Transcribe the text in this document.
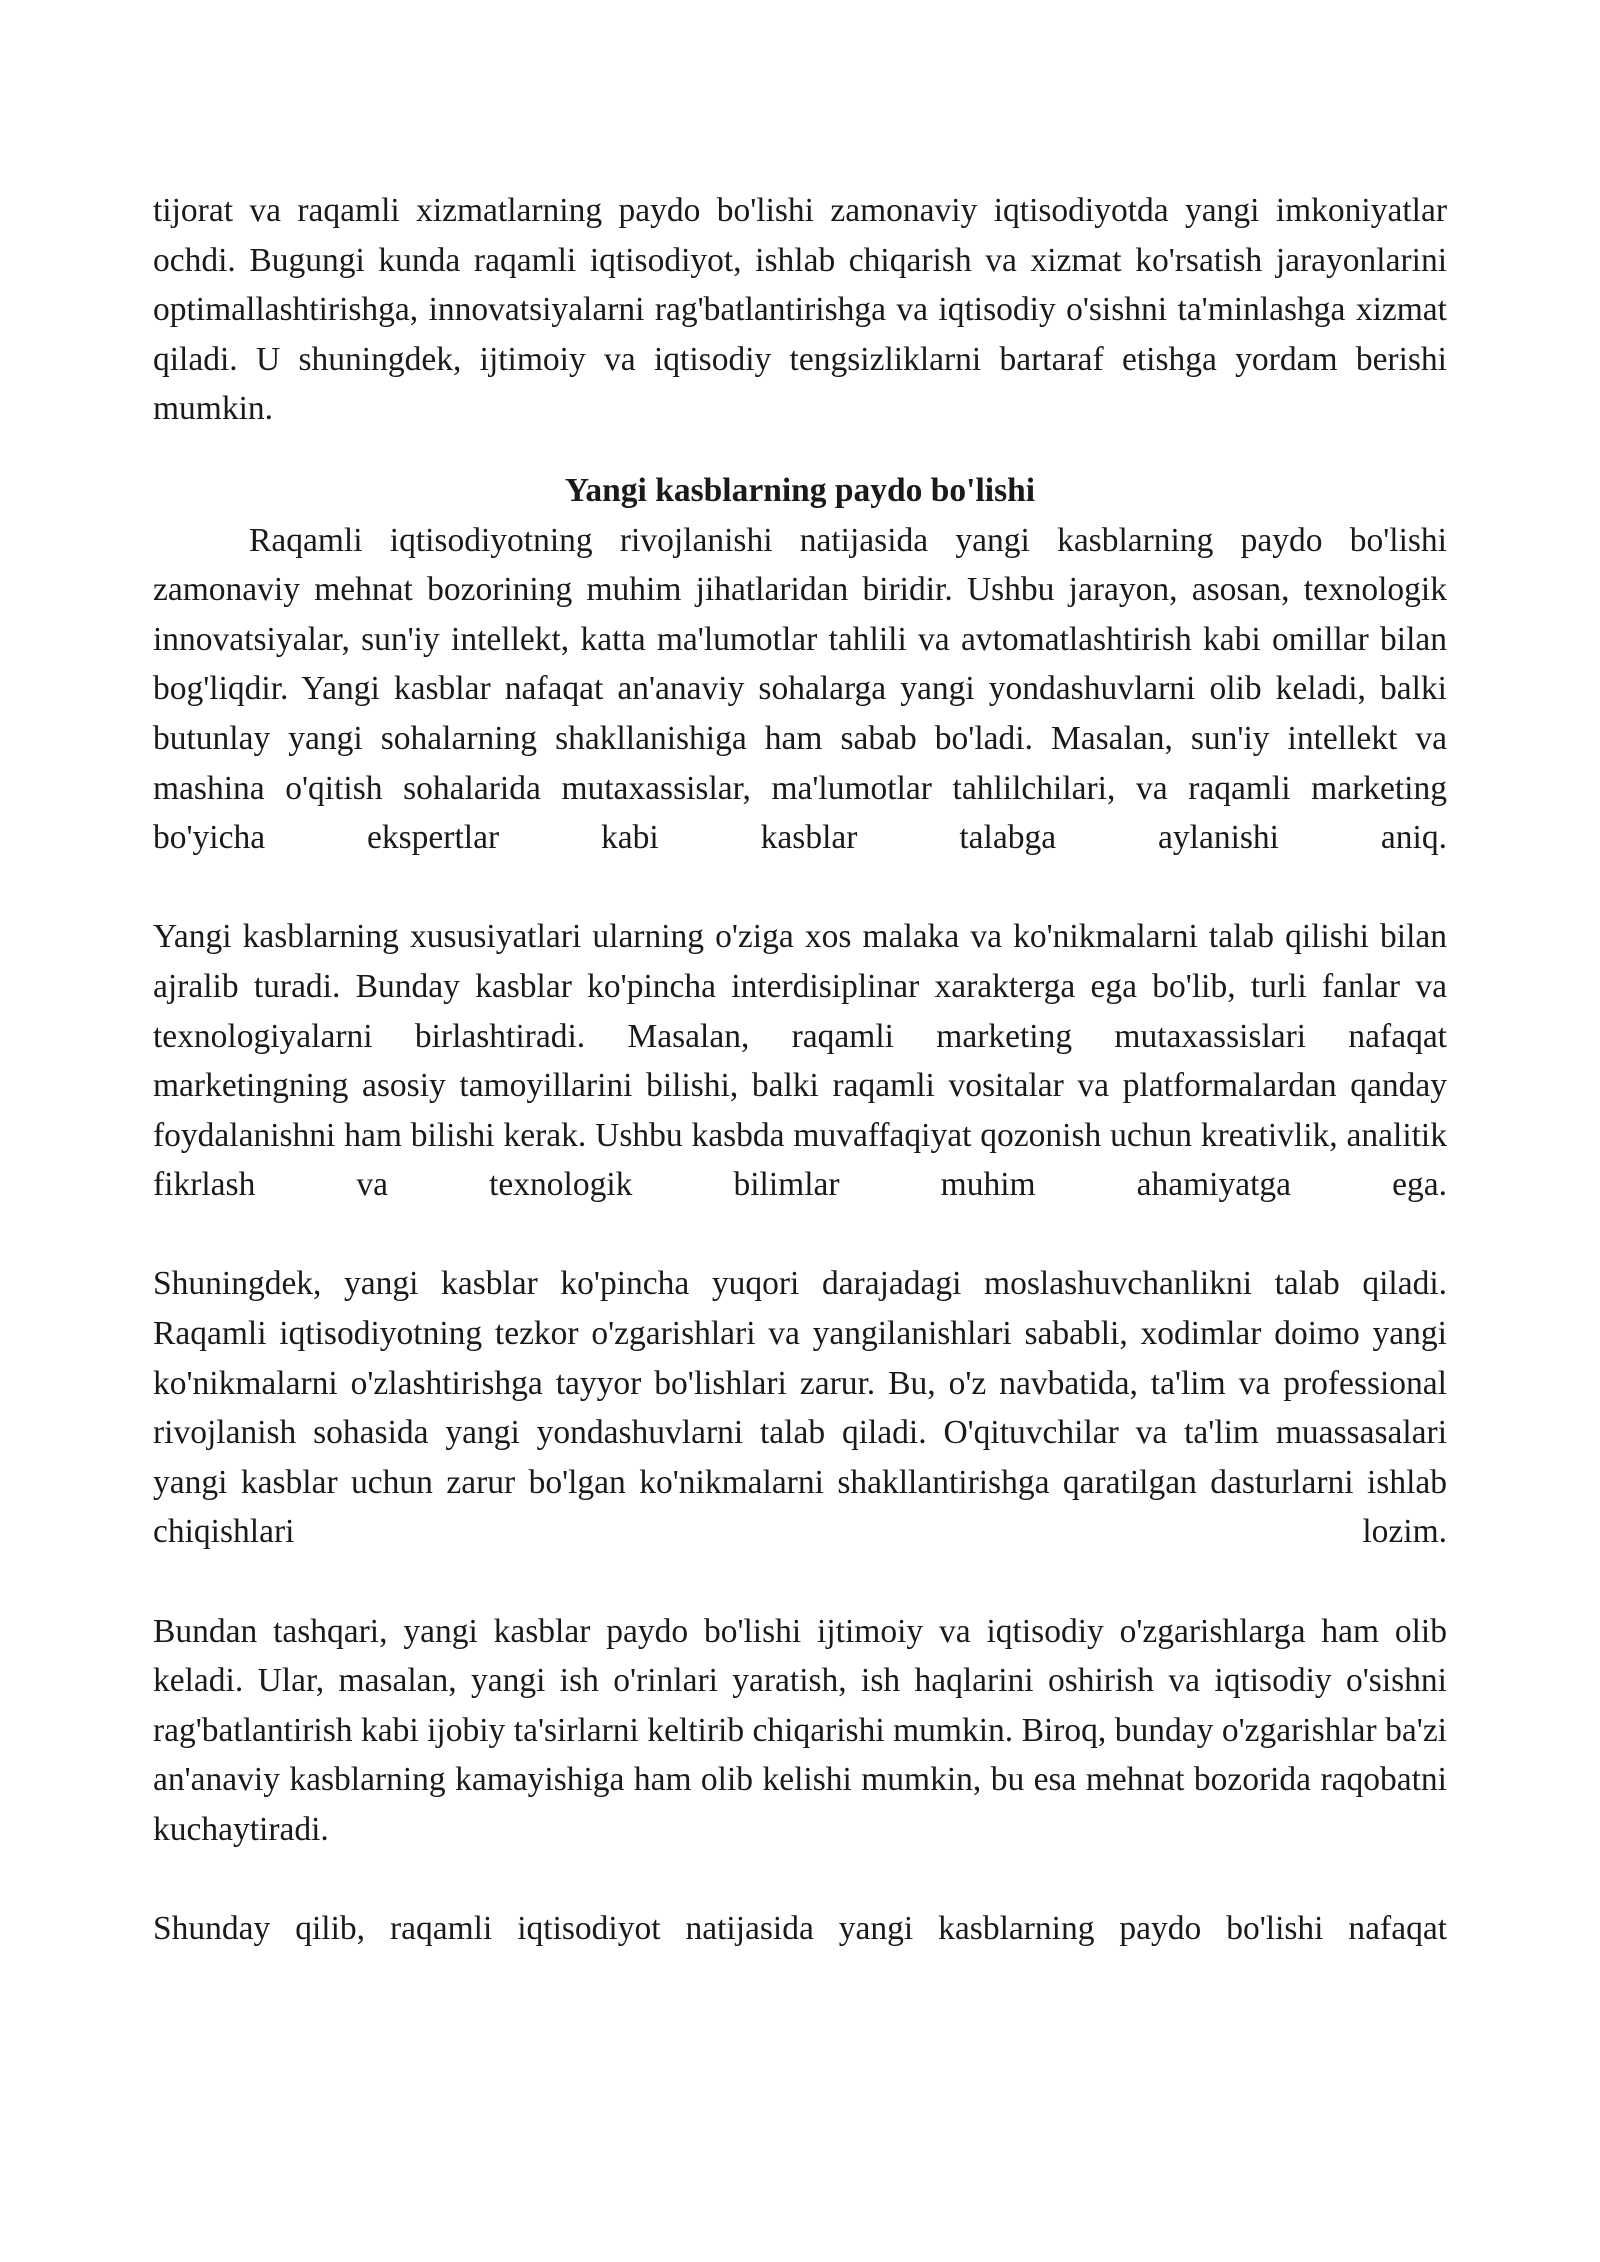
tijorat va raqamli xizmatlarning paydo bo'lishi zamonaviy iqtisodiyotda yangi imkoniyatlar ochdi. Bugungi kunda raqamli iqtisodiyot, ishlab chiqarish va xizmat ko'rsatish jarayonlarini optimallashtirishga, innovatsiyalarni rag'batlantirishga va iqtisodiy o'sishni ta'minlashga xizmat qiladi. U shuningdek, ijtimoiy va iqtisodiy tengsizliklarni bartaraf etishga yordam berishi mumkin.

Yangi kasblarning paydo bo'lishi

Raqamli iqtisodiyotning rivojlanishi natijasida yangi kasblarning paydo bo'lishi zamonaviy mehnat bozorining muhim jihatlaridan biridir. Ushbu jarayon, asosan, texnologik innovatsiyalar, sun'iy intellekt, katta ma'lumotlar tahlili va avtomatlashtirish kabi omillar bilan bog'liqdir. Yangi kasblar nafaqat an'anaviy sohalarga yangi yondashuvlarni olib keladi, balki butunlay yangi sohalarning shakllanishiga ham sabab bo'ladi. Masalan, sun'iy intellekt va mashina o'qitish sohalarida mutaxassislar, ma'lumotlar tahlilchilari, va raqamli marketing bo'yicha ekspertlar kabi kasblar talabga aylanishi aniq.

Yangi kasblarning xususiyatlari ularning o'ziga xos malaka va ko'nikmalarni talab qilishi bilan ajralib turadi. Bunday kasblar ko'pincha interdisiplinar xarakterga ega bo'lib, turli fanlar va texnologiyalarni birlashtiradi. Masalan, raqamli marketing mutaxassislari nafaqat marketingning asosiy tamoyillarini bilishi, balki raqamli vositalar va platformalardan qanday foydalanishni ham bilishi kerak. Ushbu kasbda muvaffaqiyat qozonish uchun kreativlik, analitik fikrlash va texnologik bilimlar muhim ahamiyatga ega.

Shuningdek, yangi kasblar ko'pincha yuqori darajadagi moslashuvchanlikni talab qiladi. Raqamli iqtisodiyotning tezkor o'zgarishlari va yangilanishlari sababli, xodimlar doimo yangi ko'nikmalarni o'zlashtirishga tayyor bo'lishlari zarur. Bu, o'z navbatida, ta'lim va professional rivojlanish sohasida yangi yondashuvlarni talab qiladi. O'qituvchilar va ta'lim muassasalari yangi kasblar uchun zarur bo'lgan ko'nikmalarni shakllantirishga qaratilgan dasturlarni ishlab chiqishlari lozim.

Bundan tashqari, yangi kasblar paydo bo'lishi ijtimoiy va iqtisodiy o'zgarishlarga ham olib keladi. Ular, masalan, yangi ish o'rinlari yaratish, ish haqlarini oshirish va iqtisodiy o'sishni rag'batlantirish kabi ijobiy ta'sirlarni keltirib chiqarishi mumkin. Biroq, bunday o'zgarishlar ba'zi an'anaviy kasblarning kamayishiga ham olib kelishi mumkin, bu esa mehnat bozorida raqobatni kuchaytiradi.

Shunday qilib, raqamli iqtisodiyot natijasida yangi kasblarning paydo bo'lishi nafaqat
